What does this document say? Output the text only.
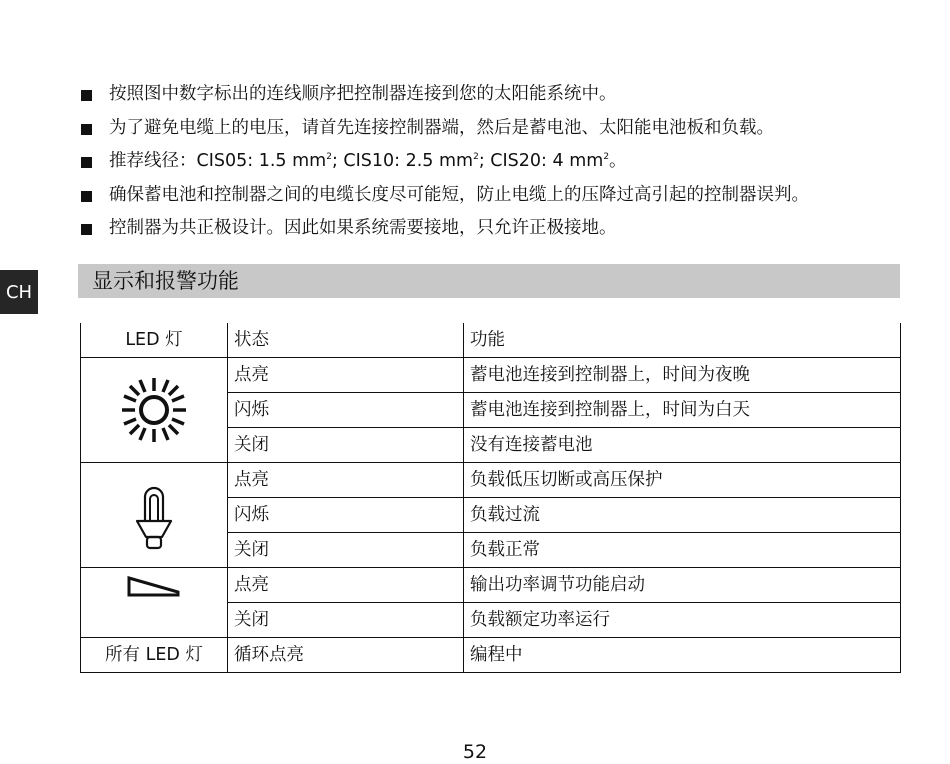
按照图中数字标出的连线顺序把控制器连接到您的太阳能系统中。
为了避免电缆上的电压，请首先连接控制器端，然后是蓄电池、太阳能电池板和负载。
推荐线径：CIS05: 1.5 $mm^2$; CIS10: 2.5 $mm^2$; CIS20: 4 $mm^2$。
确保蓄电池和控制器之间的电缆长度尽可能短，防止电缆上的压降过高引起的控制器误判。
控制器为共正极设计。因此如果系统需要接地，只允许正极接地。
CH	显示和报警功能
LED 灯	状态	功能
	点亮	蓄电池连接到控制器上，时间为夜晚
	闪烁	蓄电池连接到控制器上，时间为白天
	关闭	没有连接蓄电池
	点亮	负载低压切断或高压保护
	闪烁	负载过流
	关闭	负载正常
	点亮	输出功率调节功能启动
	关闭	负载额定功率运行
所有 LED 灯	循环点亮	编程中
52
